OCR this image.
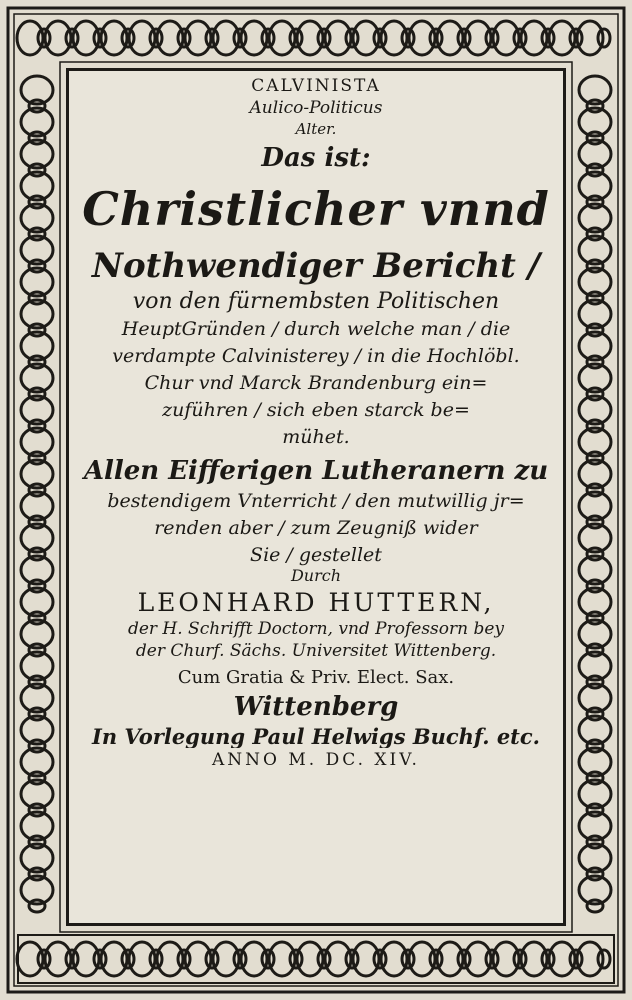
CALVINISTA
Aulico-Politicus
Alter.
Das ist:
Christlicher vnnd
Nothwendiger Bericht /
von den fürnembsten Politischen
HeuptGründen / durch welche man / die
verdampte Calvinisterey / in die Hochlöbl.
Chur vnd Marck Brandenburg ein=
zuführen / sich eben starck be=
mühet.
Allen Eifferigen Lutheranern zu
bestendigem Vnterricht / den mutwillig jr=
renden aber / zum Zeugniß wider
Sie / gestellet
Durch
LEONHARD HUTTERN,
der H. Schrifft Doctorn, vnd Professorn bey
der Churf. Sächs. Universitet Wittenberg.
Cum Gratia & Priv. Elect. Sax.
Wittenberg
In Vorlegung Paul Helwigs Buchf. etc.
ANNO M. DC. XIV.
